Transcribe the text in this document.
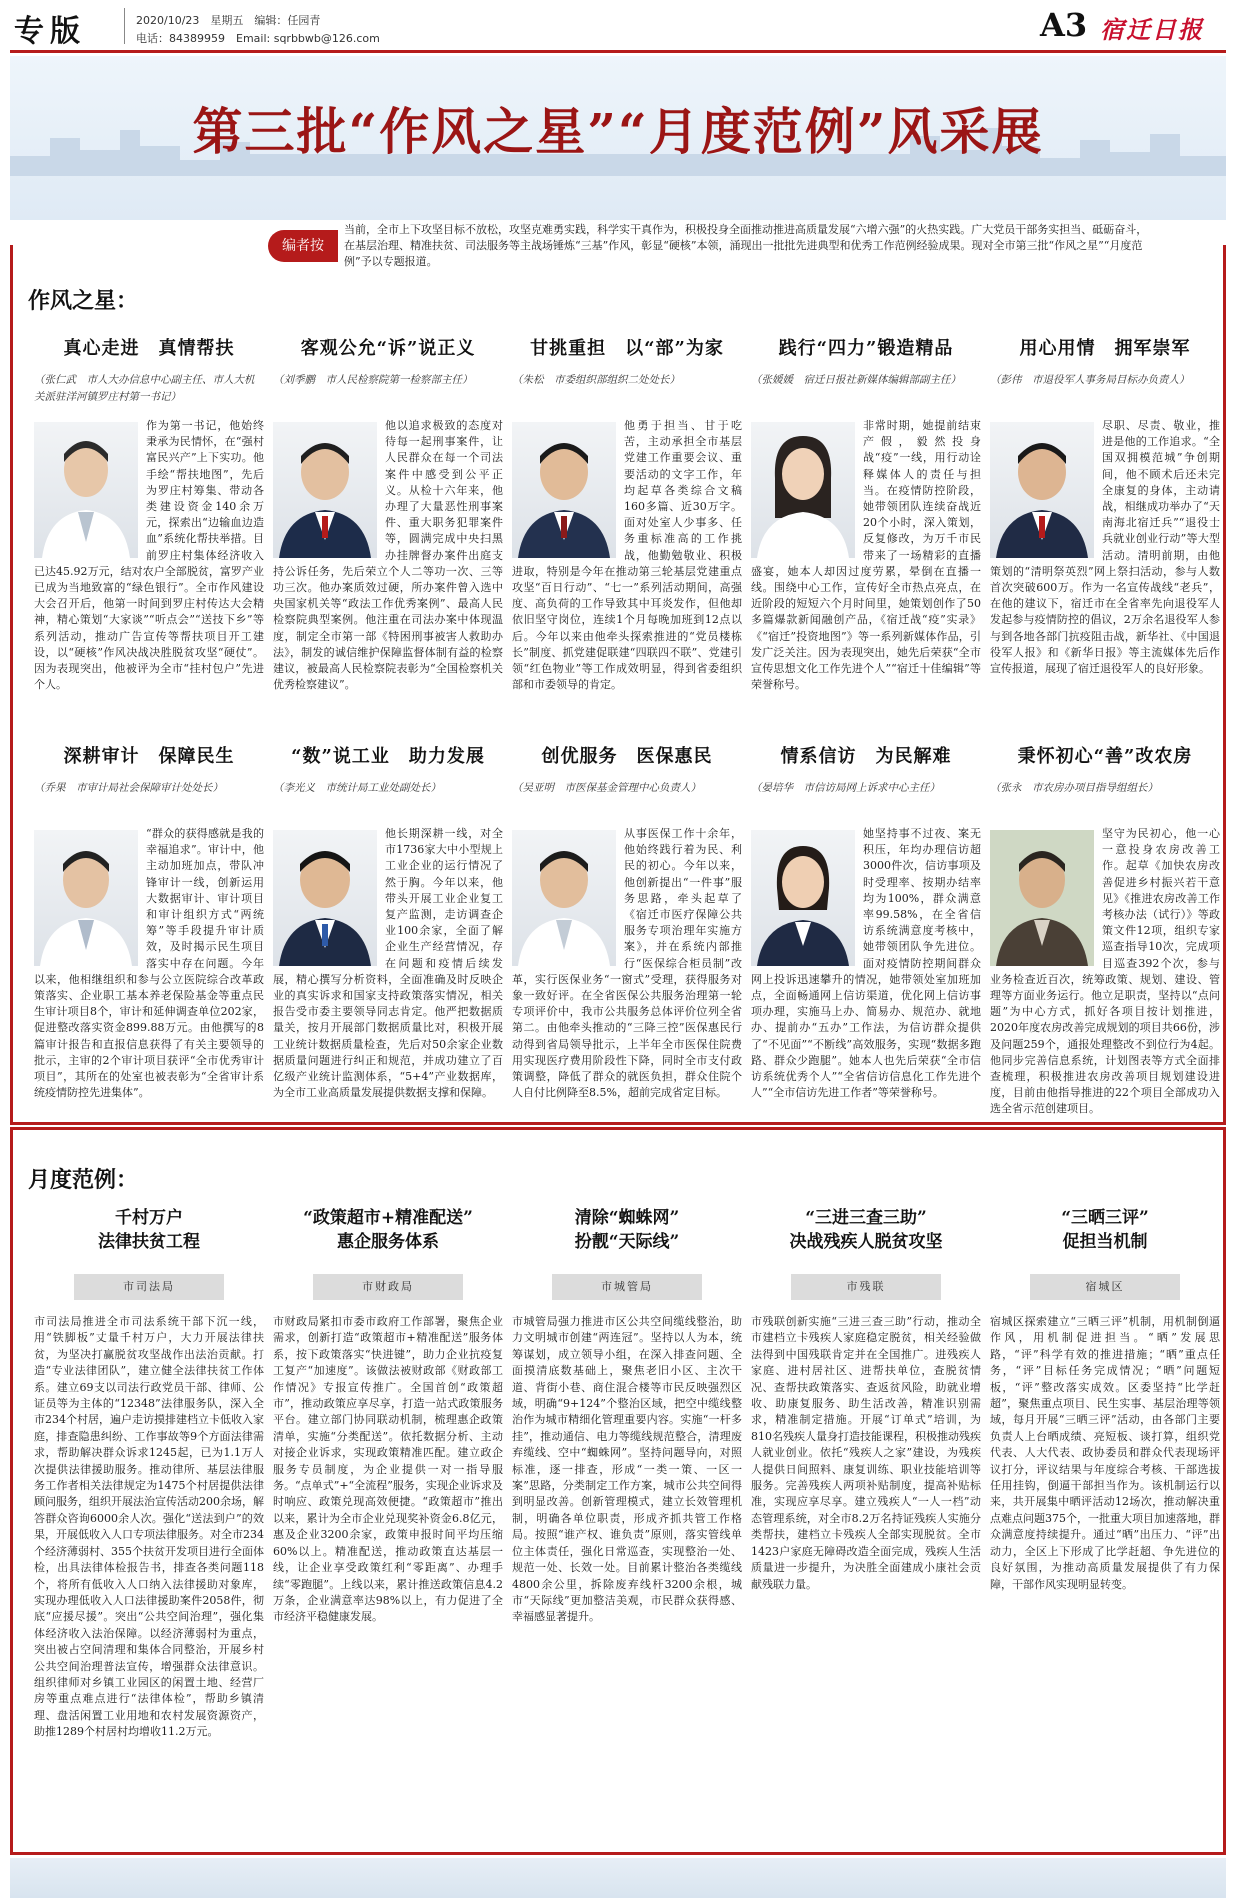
专版	2020/10/23　星期五　编辑：任园青
电话：84389959　Email: sqrbbwb@126.com	A3 宿迁日报
第三批“作风之星”“月度范例”风采展
编者按
当前，全市上下攻坚目标不放松，攻坚克难勇实践，科学实干真作为，积极投身全面推动推进高质量发展“六增六强”的火热实践。广大党员干部务实担当、砥砺奋斗，在基层治理、精准扶贫、司法服务等主战场锤炼“三基”作风，彰显“硬核”本领，涌现出一批批先进典型和优秀工作范例经验成果。现对全市第三批“作风之星”“月度范例”予以专题报道。
作风之星：
真心走进　真情帮扶
（张仁武　市人大办信息中心副主任、市人大机关派驻洋河镇罗庄村第一书记）
作为第一书记，他始终秉承为民情怀，在“强村富民兴产”上下实功。他手绘“帮扶地图”，先后为罗庄村筹集、带动各类建设资金140余万元，探索出“边输血边造血”系统化帮扶举措。目前罗庄村集体经济收入已达45.92万元，结对农户全部脱贫，富罗产业已成为当地致富的“绿色银行”。全市作风建设大会召开后，他第一时间到罗庄村传达大会精神，精心策划“大家谈”“听点会”“送技下乡”等系列活动，推动广告宣传等帮扶项目开工建设，以“硬核”作风决战决胜脱贫攻坚“硬仗”。因为表现突出，他被评为全市“挂村包户”先进个人。
客观公允“诉”说正义
（刘季鹏　市人民检察院第一检察部主任）
他以追求极致的态度对待每一起刑事案件，让人民群众在每一个司法案件中感受到公平正义。从检十六年来，他办理了大量恶性刑事案件、重大职务犯罪案件等，圆满完成中央扫黑办挂牌督办案件出庭支持公诉任务，先后荣立个人二等功一次、三等功三次。他办案质效过硬，所办案件曾入选中央国家机关等“政法工作优秀案例”、最高人民检察院典型案例。他注重在司法办案中体现温度，制定全市第一部《特困刑事被害人救助办法》，制发的诚信维护保障监督体制有益的检察建议，被最高人民检察院表彰为“全国检察机关优秀检察建议”。
甘挑重担　以“部”为家
（朱松　市委组织部组织二处处长）
他勇于担当、甘于吃苦，主动承担全市基层党建工作重要会议、重要活动的文字工作，年均起草各类综合文稿160多篇、近30万字。面对处室人少事多、任务重标准高的工作挑战，他勤勉敬业、积极进取，特别是今年在推动第三轮基层党建重点攻坚“百日行动”、“七一”系列活动期间，高强度、高负荷的工作导致其中耳炎发作，但他却依旧坚守岗位，连续1个月每晚加班到12点以后。今年以来由他牵头探索推进的“党员楼栋长”制度、抓党建促联建“四联四不联”、党建引领“红色物业”等工作成效明显，得到省委组织部和市委领导的肯定。
践行“四力”锻造精品
（张媛媛　宿迁日报社新媒体编辑部副主任）
非常时期，她提前结束产假，毅然投身战“疫”一线，用行动诠释媒体人的责任与担当。在疫情防控阶段，她带领团队连续奋战近20个小时，深入策划，反复修改，为万千市民带来了一场精彩的直播盛宴，她本人却因过度劳累，晕倒在直播一线。围绕中心工作，宣传好全市热点亮点，在近阶段的短短六个月时间里，她策划创作了50多篇爆款新闻融创产品，《宿迁战“疫”实录》《“宿迁”投资地图”》等一系列新媒体作品，引发广泛关注。因为表现突出，她先后荣获“全市宣传思想文化工作先进个人”“宿迁十佳编辑”等荣誉称号。
用心用情　拥军崇军
（彭伟　市退役军人事务局目标办负责人）
尽职、尽责、敬业，推进是他的工作追求。“全国双拥模范城”争创期间，他不顾术后还未完全康复的身体，主动请战，相继成功举办了“天南海北宿迁兵”“退役士兵就业创业行动”等大型活动。清明前期，由他策划的“清明祭英烈”网上祭扫活动，参与人数首次突破600万。作为一名宣传战线“老兵”，在他的建议下，宿迁市在全省率先向退役军人发起参与疫情防控的倡议，2万余名退役军人参与到各地各部门抗疫阻击战，新华社、《中国退役军人报》和《新华日报》等主流媒体先后作宣传报道，展现了宿迁退役军人的良好形象。
深耕审计　保障民生
（乔果　市审计局社会保障审计处处长）
“群众的获得感就是我的幸福追求”。审计中，他主动加班加点，带队冲锋审计一线，创新运用大数据审计、审计项目和审计组织方式“两统筹”等手段提升审计质效，及时揭示民生项目落实中存在问题。今年以来，他相继组织和参与公立医院综合改革政策落实、企业职工基本养老保险基金等重点民生审计项目8个，审计和延伸调查单位202家，促进整改落实资金899.88万元。由他撰写的8篇审计报告和直报信息获得了有关主要领导的批示，主审的2个审计项目获评“全市优秀审计项目”，其所在的处室也被表彰为“全省审计系统疫情防控先进集体”。
“数”说工业　助力发展
（李光义　市统计局工业处副处长）
他长期深耕一线，对全市1736家大中小型规上工业企业的运行情况了然于胸。今年以来，他带头开展工业企业复工复产监测，走访调查企业100余家，全面了解企业生产经营情况，存在问题和疫情后续发展，精心撰写分析资料，全面准确及时反映企业的真实诉求和国家支持政策落实情况，相关报告受市委主要领导同志肯定。他严把数据质量关，按月开展部门数据质量比对，积极开展工业统计数据质量检查，先后对50余家企业数据质量问题进行纠正和规范，并成功建立了百亿级产业统计监测体系，“5+4”产业数据库，为全市工业高质量发展提供数据支撑和保障。
创优服务　医保惠民
（吴亚明　市医保基金管理中心负责人）
从事医保工作十余年，他始终践行着为民、利民的初心。今年以来，他创新提出“一件事”服务思路，牵头起草了《宿迁市医疗保障公共服务专项治理年实施方案》，并在系统内部推行“医保综合柜员制”改革，实行医保业务“一窗式”受理，获得服务对象一致好评。在全省医保公共服务治理第一轮专项评价中，我市公共服务总体评价位列全省第二。由他牵头推动的“三降三控”医保惠民行动得到省局领导批示，上半年全市医保住院费用实现医疗费用阶段性下降，同时全市支付政策调整，降低了群众的就医负担，群众住院个人自付比例降至8.5%，超前完成省定目标。
情系信访　为民解难
（晏培华　市信访局网上诉求中心主任）
她坚持事不过夜、案无积压，年均办理信访超3000件次，信访事项及时受理率、按期办结率均为100%，群众满意率99.58%，在全省信访系统满意度考核中，她带领团队争先进位。面对疫情防控期间群众网上投诉迅速攀升的情况，她带领处室加班加点，全面畅通网上信访渠道，优化网上信访事项办理，实施马上办、简易办、规范办、就地办、提前办“五办”工作法，为信访群众提供了“不见面”“不断线”高效服务，实现“数据多跑路、群众少跑腿”。她本人也先后荣获“全市信访系统优秀个人”“全省信访信息化工作先进个人”“全市信访先进工作者”等荣誉称号。
秉怀初心“善”改农房
（张永　市农房办项目指导组组长）
坚守为民初心，他一心一意投身农房改善工作。起草《加快农房改善促进乡村振兴若干意见》《推进农房改善工作考核办法（试行）》等政策文件12项，组织专家巡查指导10次，完成项目巡查392个次，参与业务检查近百次，统筹政策、规划、建设、管理等方面业务运行。他立足职责，坚持以“点问题”为中心方式，抓好各项目按计划推进，2020年度农房改善完成规划的项目共66份，涉及问题259个，通报处理整改不到位行为4起。他同步完善信息系统，计划图表等方式全面排查梳理，积极推进农房改善项目规划建设进度，目前由他指导推进的22个项目全部成功入选全省示范创建项目。
月度范例：
千村万户
法律扶贫工程
市司法局
市司法局推进全市司法系统干部下沉一线，用“铁脚板”丈量千村万户，大力开展法律扶贫，为坚决打赢脱贫攻坚战作出法治贡献。打造“专业法律团队”，建立健全法律扶贫工作体系。建立69支以司法行政党员干部、律师、公证员等为主体的“12348”法律服务队，深入全市234个村居，遍户走访摸排建档立卡低收入家庭，排查隐患纠纷、工作事故等9个方面法律需求，帮助解决群众诉求1245起，已为1.1万人次提供法律援助服务。推动律所、基层法律服务工作者相关法律规定为1475个村居提供法律顾问服务，组织开展法治宣传活动200余场，解答群众咨询6000余人次。强化“送法到户”的效果，开展低收入人口专项法律服务。对全市234个经济薄弱村、355个扶贫开发项目进行全面体检，出具法律体检报告书，排查各类问题118个，将所有低收入人口纳入法律援助对象库，实现办理低收入人口法律援助案件2058件，彻底“应援尽援”。突出“公共空间治理”，强化集体经济收入法治保障。以经济薄弱村为重点，突出被占空间清理和集体合同整治，开展乡村公共空间治理普法宣传，增强群众法律意识。组织律师对乡镇工业园区的闲置土地、经营厂房等重点难点进行“法律体检”，帮助乡镇清理、盘活闲置工业用地和农村发展资源资产，助推1289个村居村均增收11.2万元。
“政策超市+精准配送”
惠企服务体系
市财政局
市财政局紧扣市委市政府工作部署，聚焦企业需求，创新打造“政策超市+精准配送”服务体系，按下政策落实“快进键”，助力企业抗疫复工复产“加速度”。该做法被财政部《财政部工作情况》专报宣传推广。全国首创“政策超市”，推动政策应享尽享，打造一站式政策服务平台。建立部门协同联动机制，梳理惠企政策清单，实施“分类配送”。依托数据分析、主动对接企业诉求，实现政策精准匹配。建立政企服务专员制度，为企业提供一对一指导服务。“点单式”+“全流程”服务，实现企业诉求及时响应、政策兑现高效便捷。“政策超市”推出以来，累计为全市企业兑现奖补资金6.8亿元，惠及企业3200余家，政策申报时间平均压缩60%以上。精准配送，推动政策直达基层一线，让企业享受政策红利“零距离”、办理手续“零跑腿”。上线以来，累计推送政策信息4.2万条，企业满意率达98%以上，有力促进了全市经济平稳健康发展。
清除“蜘蛛网”
扮靓“天际线”
市城管局
市城管局强力推进市区公共空间缆线整治，助力文明城市创建“两连冠”。坚持以人为本，统筹谋划，成立领导小组，在深入排查问题、全面摸清底数基础上，聚焦老旧小区、主次干道、背街小巷、商住混合楼等市民反映强烈区域，明确“9+124”个整治区域，把空中缆线整治作为城市精细化管理重要内容。实施“一杆多挂”，推动通信、电力等缆线规范整合，清理废弃缆线、空中“蜘蛛网”。坚持问题导向，对照标准，逐一排查，形成“一类一策、一区一案”思路，分类制定工作方案，城市公共空间得到明显改善。创新管理模式，建立长效管理机制，明确各单位职责，形成齐抓共管工作格局。按照“谁产权、谁负责”原则，落实管线单位主体责任，强化日常巡查，实现整治一处、规范一处、长效一处。目前累计整治各类缆线4800余公里，拆除废弃线杆3200余根，城市“天际线”更加整洁美观，市民群众获得感、幸福感显著提升。
“三进三查三助”
决战残疾人脱贫攻坚
市残联
市残联创新实施“三进三查三助”行动，推动全市建档立卡残疾人家庭稳定脱贫，相关经验做法得到中国残联肯定并在全国推广。进残疾人家庭、进村居社区、进帮扶单位，查脱贫情况、查帮扶政策落实、查返贫风险，助就业增收、助康复服务、助生活改善，精准识别需求，精准制定措施。开展“订单式”培训，为810名残疾人量身打造技能课程，积极推动残疾人就业创业。依托“残疾人之家”建设，为残疾人提供日间照料、康复训练、职业技能培训等服务。完善残疾人两项补贴制度，提高补贴标准，实现应享尽享。建立残疾人“一人一档”动态管理系统，对全市8.2万名持证残疾人实施分类帮扶，建档立卡残疾人全部实现脱贫。全市1423户家庭无障碍改造全面完成，残疾人生活质量进一步提升，为决胜全面建成小康社会贡献残联力量。
“三晒三评”
促担当机制
宿城区
宿城区探索建立“三晒三评”机制，用机制倒逼作风，用机制促进担当。“晒”发展思路，“评”科学有效的推进措施；“晒”重点任务，“评”目标任务完成情况；“晒”问题短板，“评”整改落实成效。区委坚持“比学赶超”，聚焦重点项目、民生实事、基层治理等领域，每月开展“三晒三评”活动，由各部门主要负责人上台晒成绩、亮短板、谈打算，组织党代表、人大代表、政协委员和群众代表现场评议打分，评议结果与年度综合考核、干部选拔任用挂钩，倒逼干部担当作为。该机制运行以来，共开展集中晒评活动12场次，推动解决重点难点问题375个，一批重大项目加速落地，群众满意度持续提升。通过“晒”出压力、“评”出动力，全区上下形成了比学赶超、争先进位的良好氛围，为推动高质量发展提供了有力保障，干部作风实现明显转变。
